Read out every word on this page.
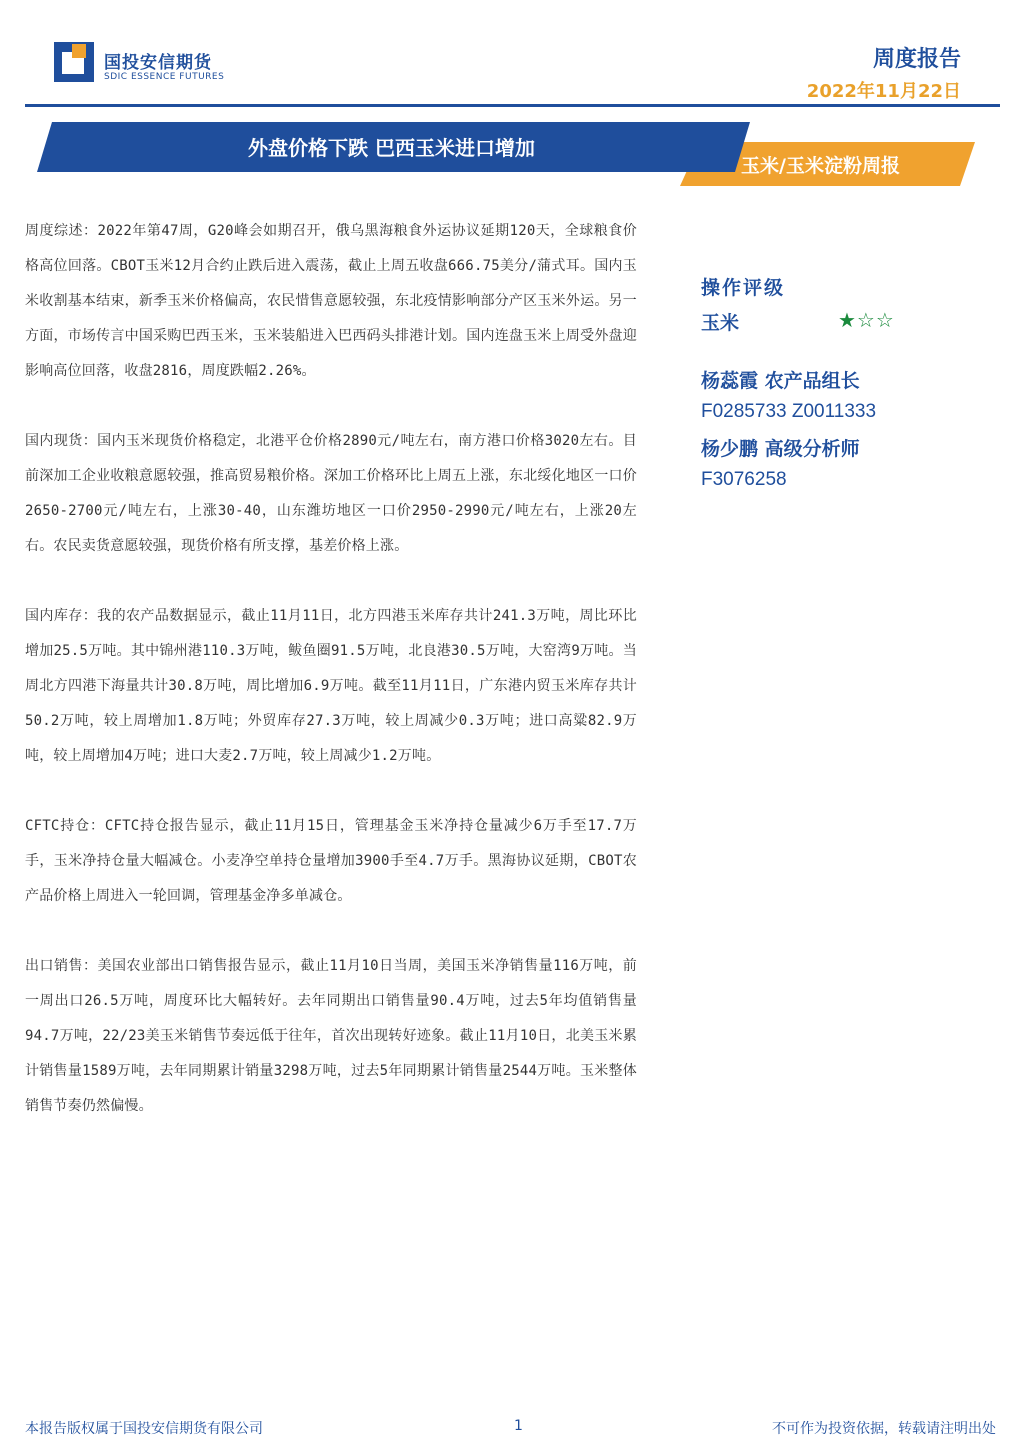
国投安信期货
SDIC ESSENCE FUTURES
周度报告
2022年11月22日
外盘价格下跌 巴西玉米进口增加
玉米/玉米淀粉周报

周度综述：2022年第47周，G20峰会如期召开，俄乌黑海粮食外运协议延期120天，全球粮食价格高位回落。CBOT玉米12月合约止跌后进入震荡，截止上周五收盘666.75美分/蒲式耳。国内玉米收割基本结束，新季玉米价格偏高，农民惜售意愿较强，东北疫情影响部分产区玉米外运。另一方面，市场传言中国采购巴西玉米，玉米装船进入巴西码头排港计划。国内连盘玉米上周受外盘迎影响高位回落，收盘2816，周度跌幅2.26%。

国内现货：国内玉米现货价格稳定，北港平仓价格2890元/吨左右，南方港口价格3020左右。目前深加工企业收粮意愿较强，推高贸易粮价格。深加工价格环比上周五上涨，东北绥化地区一口价2650-2700元/吨左右，上涨30-40，山东潍坊地区一口价2950-2990元/吨左右，上涨20左右。农民卖货意愿较强，现货价格有所支撑，基差价格上涨。

国内库存：我的农产品数据显示，截止11月11日，北方四港玉米库存共计241.3万吨，周比环比增加25.5万吨。其中锦州港110.3万吨，鲅鱼圈91.5万吨，北良港30.5万吨，大窑湾9万吨。当周北方四港下海量共计30.8万吨，周比增加6.9万吨。截至11月11日，广东港内贸玉米库存共计50.2万吨，较上周增加1.8万吨；外贸库存27.3万吨，较上周减少0.3万吨；进口高粱82.9万吨，较上周增加4万吨；进口大麦2.7万吨，较上周减少1.2万吨。

CFTC持仓：CFTC持仓报告显示，截止11月15日，管理基金玉米净持仓量减少6万手至17.7万手，玉米净持仓量大幅减仓。小麦净空单持仓量增加3900手至4.7万手。黑海协议延期，CBOT农产品价格上周进入一轮回调，管理基金净多单减仓。

出口销售：美国农业部出口销售报告显示，截止11月10日当周，美国玉米净销售量116万吨，前一周出口26.5万吨，周度环比大幅转好。去年同期出口销售量90.4万吨，过去5年均值销售量94.7万吨，22/23美玉米销售节奏远低于往年，首次出现转好迹象。截止11月10日，北美玉米累计销售量1589万吨，去年同期累计销量3298万吨，过去5年同期累计销售量2544万吨。玉米整体销售节奏仍然偏慢。

操作评级
玉米	★☆☆
杨蕊霞 农产品组长
F0285733 Z0011333
杨少鹏 高级分析师
F3076258
本报告版权属于国投安信期货有限公司	1	不可作为投资依据，转载请注明出处
